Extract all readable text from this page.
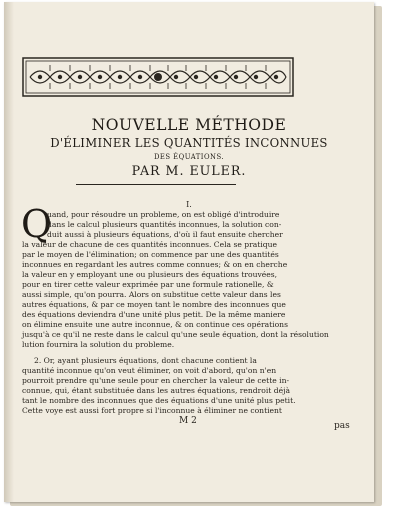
NOUVELLE MÉTHODE
D'ÉLIMINER LES QUANTITÉS INCONNUES
DES ÉQUATIONS.
PAR M. EULER.
I.
Q

uand, pour résoudre un probleme, on est obligé d'introduire

dans le calcul plusieurs quantités inconnues, la solution con-

duit aussi à plusieurs équations, d'où il faut ensuite chercher

la valeur de chacune de ces quantités inconnues. Cela se pratique

par le moyen de l'élimination; on commence par une des quantités

inconnues en regardant les autres comme connues; & on en cherche

la valeur en y employant une ou plusieurs des équations trouvées,

pour en tirer cette valeur exprimée par une formule rationelle, &

aussi simple, qu'on pourra. Alors on substitue cette valeur dans les

autres équations, & par ce moyen tant le nombre des inconnues que

des équations deviendra d'une unité plus petit. De la même maniere

on élimine ensuite une autre inconnue, & on continue ces opérations

jusqu'à ce qu'il ne reste dans le calcul qu'une seule équation, dont la résolution

lution fournira la solution du probleme.

2. Or, ayant plusieurs équations, dont chacune contient la

quantité inconnue qu'on veut éliminer, on voit d'abord, qu'on n'en

pourroit prendre qu'une seule pour en chercher la valeur de cette in-

connue, qui, étant substituée dans les autres équations, rendroit déjà

tant le nombre des inconnues que des équations d'une unité plus petit.

Cette voye est aussi fort propre si l'inconnue à éliminer ne contient

M 2	pas
